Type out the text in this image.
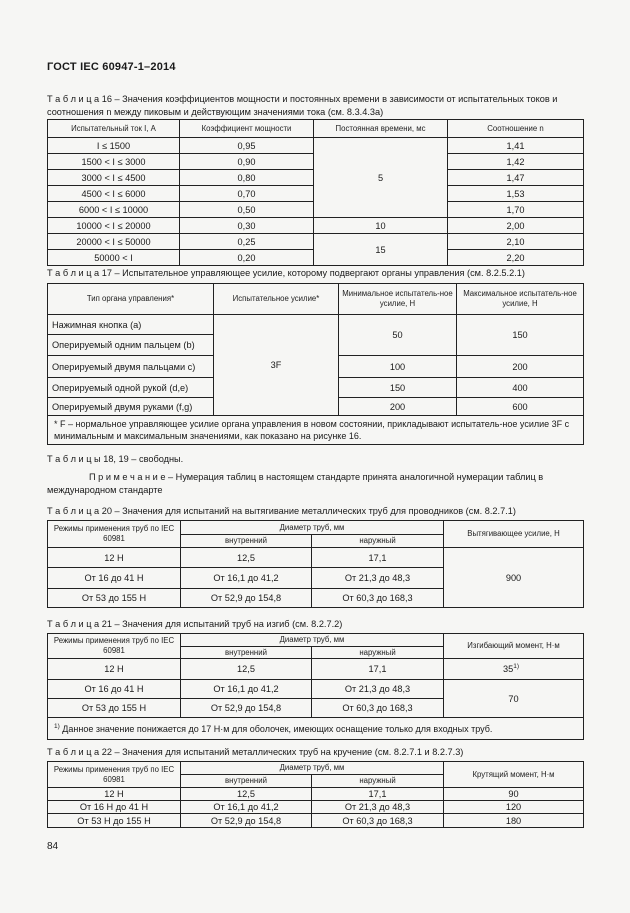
ГОСТ IEC 60947-1–2014
Т а б л и ц а 16 – Значения коэффициентов мощности и постоянных времени в зависимости от испытательных токов и соотношения n между пиковым и действующим значениями тока (см. 8.3.4.3а)
Испытательный ток I, А	Коэффициент мощности	Постоянная времени, мс	Соотношение n
I ≤ 1500	0,95	5	1,41
1500 < I ≤ 3000	0,90		1,42
3000 < I ≤ 4500	0,80		1,47
4500 < I ≤ 6000	0,70		1,53
6000 < I ≤ 10000	0,50		1,70
10000 < I ≤ 20000	0,30	10	2,00
20000 < I ≤ 50000	0,25	15	2,10
50000 < I	0,20		2,20
Т а б л и ц а 17 – Испытательное управляющее усилие, которому подвергают органы управления (см. 8.2.5.2.1)
Тип органа управления*	Испытательное усилие*	Минимальное испытатель-ное усилие, Н	Максимальное испытатель-ное усилие, Н
Нажимная кнопка (а)	3F	50	150
Оперируемый одним пальцем (b)			
Оперируемый двумя пальцами с)		100	200
Оперируемый одной рукой (d,e)		150	400
Оперируемый двумя руками (f,g)		200	600
* F – нормальное управляющее усилие органа управления в новом состоянии, прикладывают испытатель-ное усилие 3F с минимальным и максимальным значениями, как показано на рисунке 16.			
Т а б л и ц ы 18, 19 – свободны.
П р и м е ч а н и е – Нумерация таблиц в настоящем стандарте принята аналогичной нумерации таблиц в международном стандарте
Т а б л и ц а 20 – Значения для испытаний на вытягивание металлических труб для проводников (см. 8.2.7.1)
Режимы применения труб по IEC 60981	Диаметр труб, мм		Вытягивающее усилие, Н
	внутренний	наружный	
12 Н	12,5	17,1	900
От 16 до 41 Н	От 16,1 до 41,2	От 21,3 до 48,3	
От 53 до 155 Н	От 52,9 до 154,8	От 60,3 до 168,3	
Т а б л и ц а 21 – Значения для испытаний труб на изгиб (см. 8.2.7.2)
Режимы применения труб по IEC 60981	Диаметр труб, мм		Изгибающий момент, Н·м
	внутренний	наружный	
12 Н	12,5	17,1	35$^{1)}$
От 16 до 41 Н	От 16,1 до 41,2	От 21,3 до 48,3	70
От 53 до 155 Н	От 52,9 до 154,8	От 60,3 до 168,3	
$^{1)}$ Данное значение понижается до 17 Н·м для оболочек, имеющих оснащение только для входных труб.			
Т а б л и ц а 22 – Значения для испытаний металлических труб на кручение (см. 8.2.7.1 и 8.2.7.3)
Режимы применения труб по IEC 60981	Диаметр труб, мм		Крутящий момент, Н·м
	внутренний	наружный	
12 Н	12,5	17,1	90
От 16 Н до 41 Н	От 16,1 до 41,2	От 21,3 до 48,3	120
От 53 Н до 155 Н	От 52,9 до 154,8	От 60,3 до 168,3	180
84
